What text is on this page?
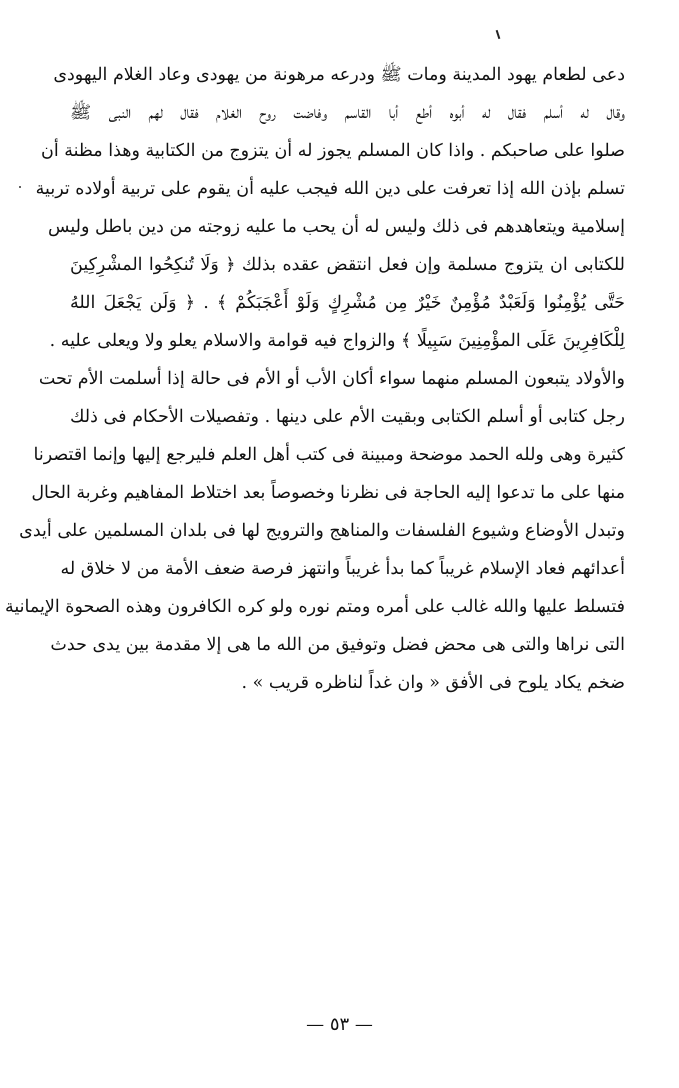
دعى لطعام يهود المدينة ومات ﷺ ودرعه مرهونة من يهودى وعاد الغلام اليهودى
وقال له أسلم فقال له أبوه أطع أبا القاسم وفاضت روح الغلام فقال لهم النبى ﷺ
صلوا على صاحبكم . واذا كان المسلم يجوز له أن يتزوج من الكتابية وهذا مظنة أن
تسلم بإذن الله إذا تعرفت على دين الله فيجب عليه أن يقوم على تربية أولاده تربية
إسلامية ويتعاهدهم فى ذلك وليس له أن يحب ما عليه زوجته من دين باطل وليس
للكتابى ان يتزوج مسلمة وإن فعل انتقض عقده بذلك ﴿ وَلَا تُنكِحُوا المشْرِكِينَ
حَتَّى يُؤْمِنُوا وَلَعَبْدٌ مُؤْمِنٌ خَيْرٌ مِن مُشْرِكٍ وَلَوْ أَعْجَبَكُمْ ﴾ . ﴿ وَلَن يَجْعَلَ اللهُ
لِلْكَافِرِينَ عَلَى المؤْمِنِينَ سَبِيلًا ﴾ والزواج فيه قوامة والاسلام يعلو ولا ويعلى عليه .
والأولاد يتبعون المسلم منهما سواء أكان الأب أو الأم فى حالة إذا أسلمت الأم تحت
رجل كتابى أو أسلم الكتابى وبقيت الأم على دينها . وتفصيلات الأحكام فى ذلك
كثيرة وهى ولله الحمد موضحة ومبينة فى كتب أهل العلم فليرجع إليها وإنما اقتصرنا
منها على ما تدعوا إليه الحاجة فى نظرنا وخصوصاً بعد اختلاط المفاهيم وغربة الحال
وتبدل الأوضاع وشيوع الفلسفات والمناهج والترويج لها فى بلدان المسلمين على أيدى
أعدائهم فعاد الإسلام غريباً كما بدأ غريباً وانتهز فرصة ضعف الأمة من لا خلاق له
فتسلط عليها والله غالب على أمره ومتم نوره ولو كره الكافرون وهذه الصحوة الإيمانية
التى نراها والتى هى محض فضل وتوفيق من الله ما هى إلا مقدمة بين يدى حدث
ضخم يكاد يلوح فى الأفق « وان غداً لناظره قريب » .
— ٥٣ —
